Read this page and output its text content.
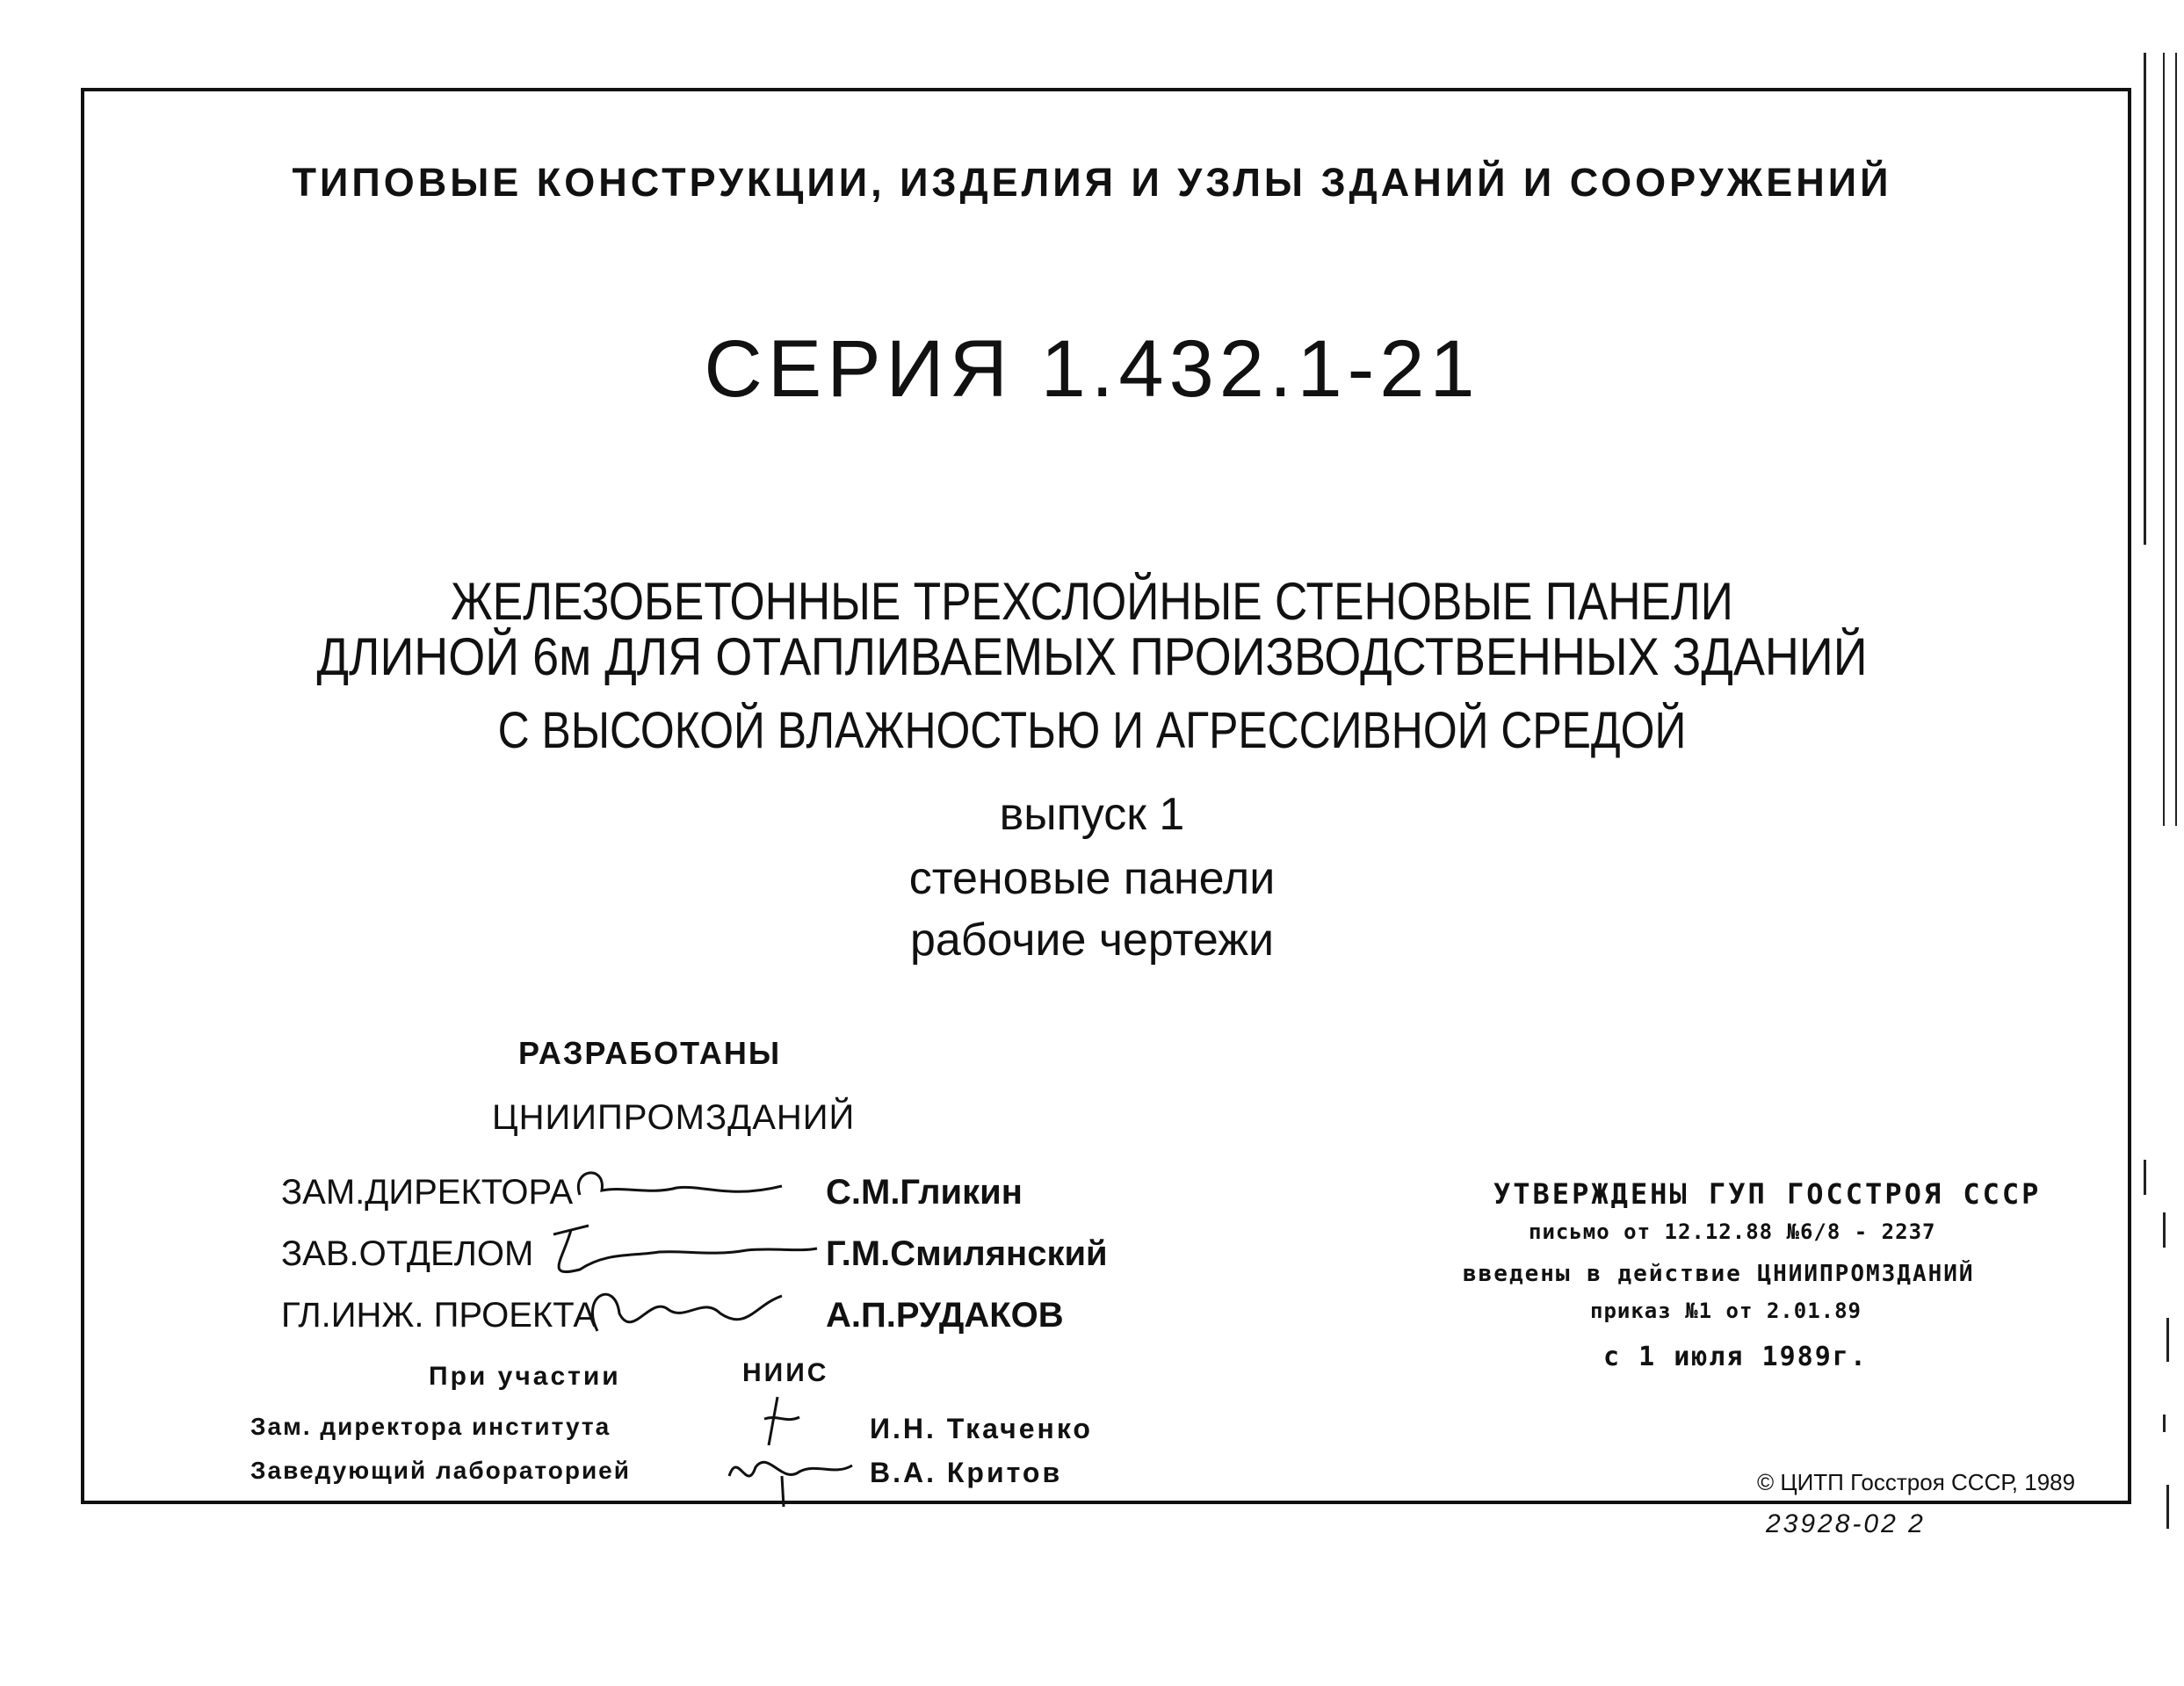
ТИПОВЫЕ КОНСТРУКЦИИ, ИЗДЕЛИЯ И УЗЛЫ ЗДАНИЙ И СООРУЖЕНИЙ
СЕРИЯ 1.432.1-21
ЖЕЛЕЗОБЕТОННЫЕ ТРЕХСЛОЙНЫЕ СТЕНОВЫЕ ПАНЕЛИ
ДЛИНОЙ 6м ДЛЯ ОТАПЛИВАЕМЫХ ПРОИЗВОДСТВЕННЫХ ЗДАНИЙ
С ВЫСОКОЙ ВЛАЖНОСТЬЮ И АГРЕССИВНОЙ СРЕДОЙ
выпуск 1
стеновые панели
рабочие чертежи
РАЗРАБОТАНЫ
ЦНИИПРОМЗДАНИЙ
ЗАМ.ДИРЕКТОРА	С.М.Гликин
ЗАВ.ОТДЕЛОМ	Г.М.Смилянский
ГЛ.ИНЖ. ПРОЕКТА	А.П.РУДАКОВ
При участии	НИИС
Зам. директора института	И.Н. Ткаченко
Заведующий лабораторией	В.А. Критов
УТВЕРЖДЕНЫ ГУП ГОССТРОЯ СССР
письмо от 12.12.88 №6/8 - 2237
введены в действие ЦНИИПРОМЗДАНИЙ
приказ №1 от 2.01.89
с 1 июля 1989г.
© ЦИТП Госстроя СССР, 1989
23928-02 2
